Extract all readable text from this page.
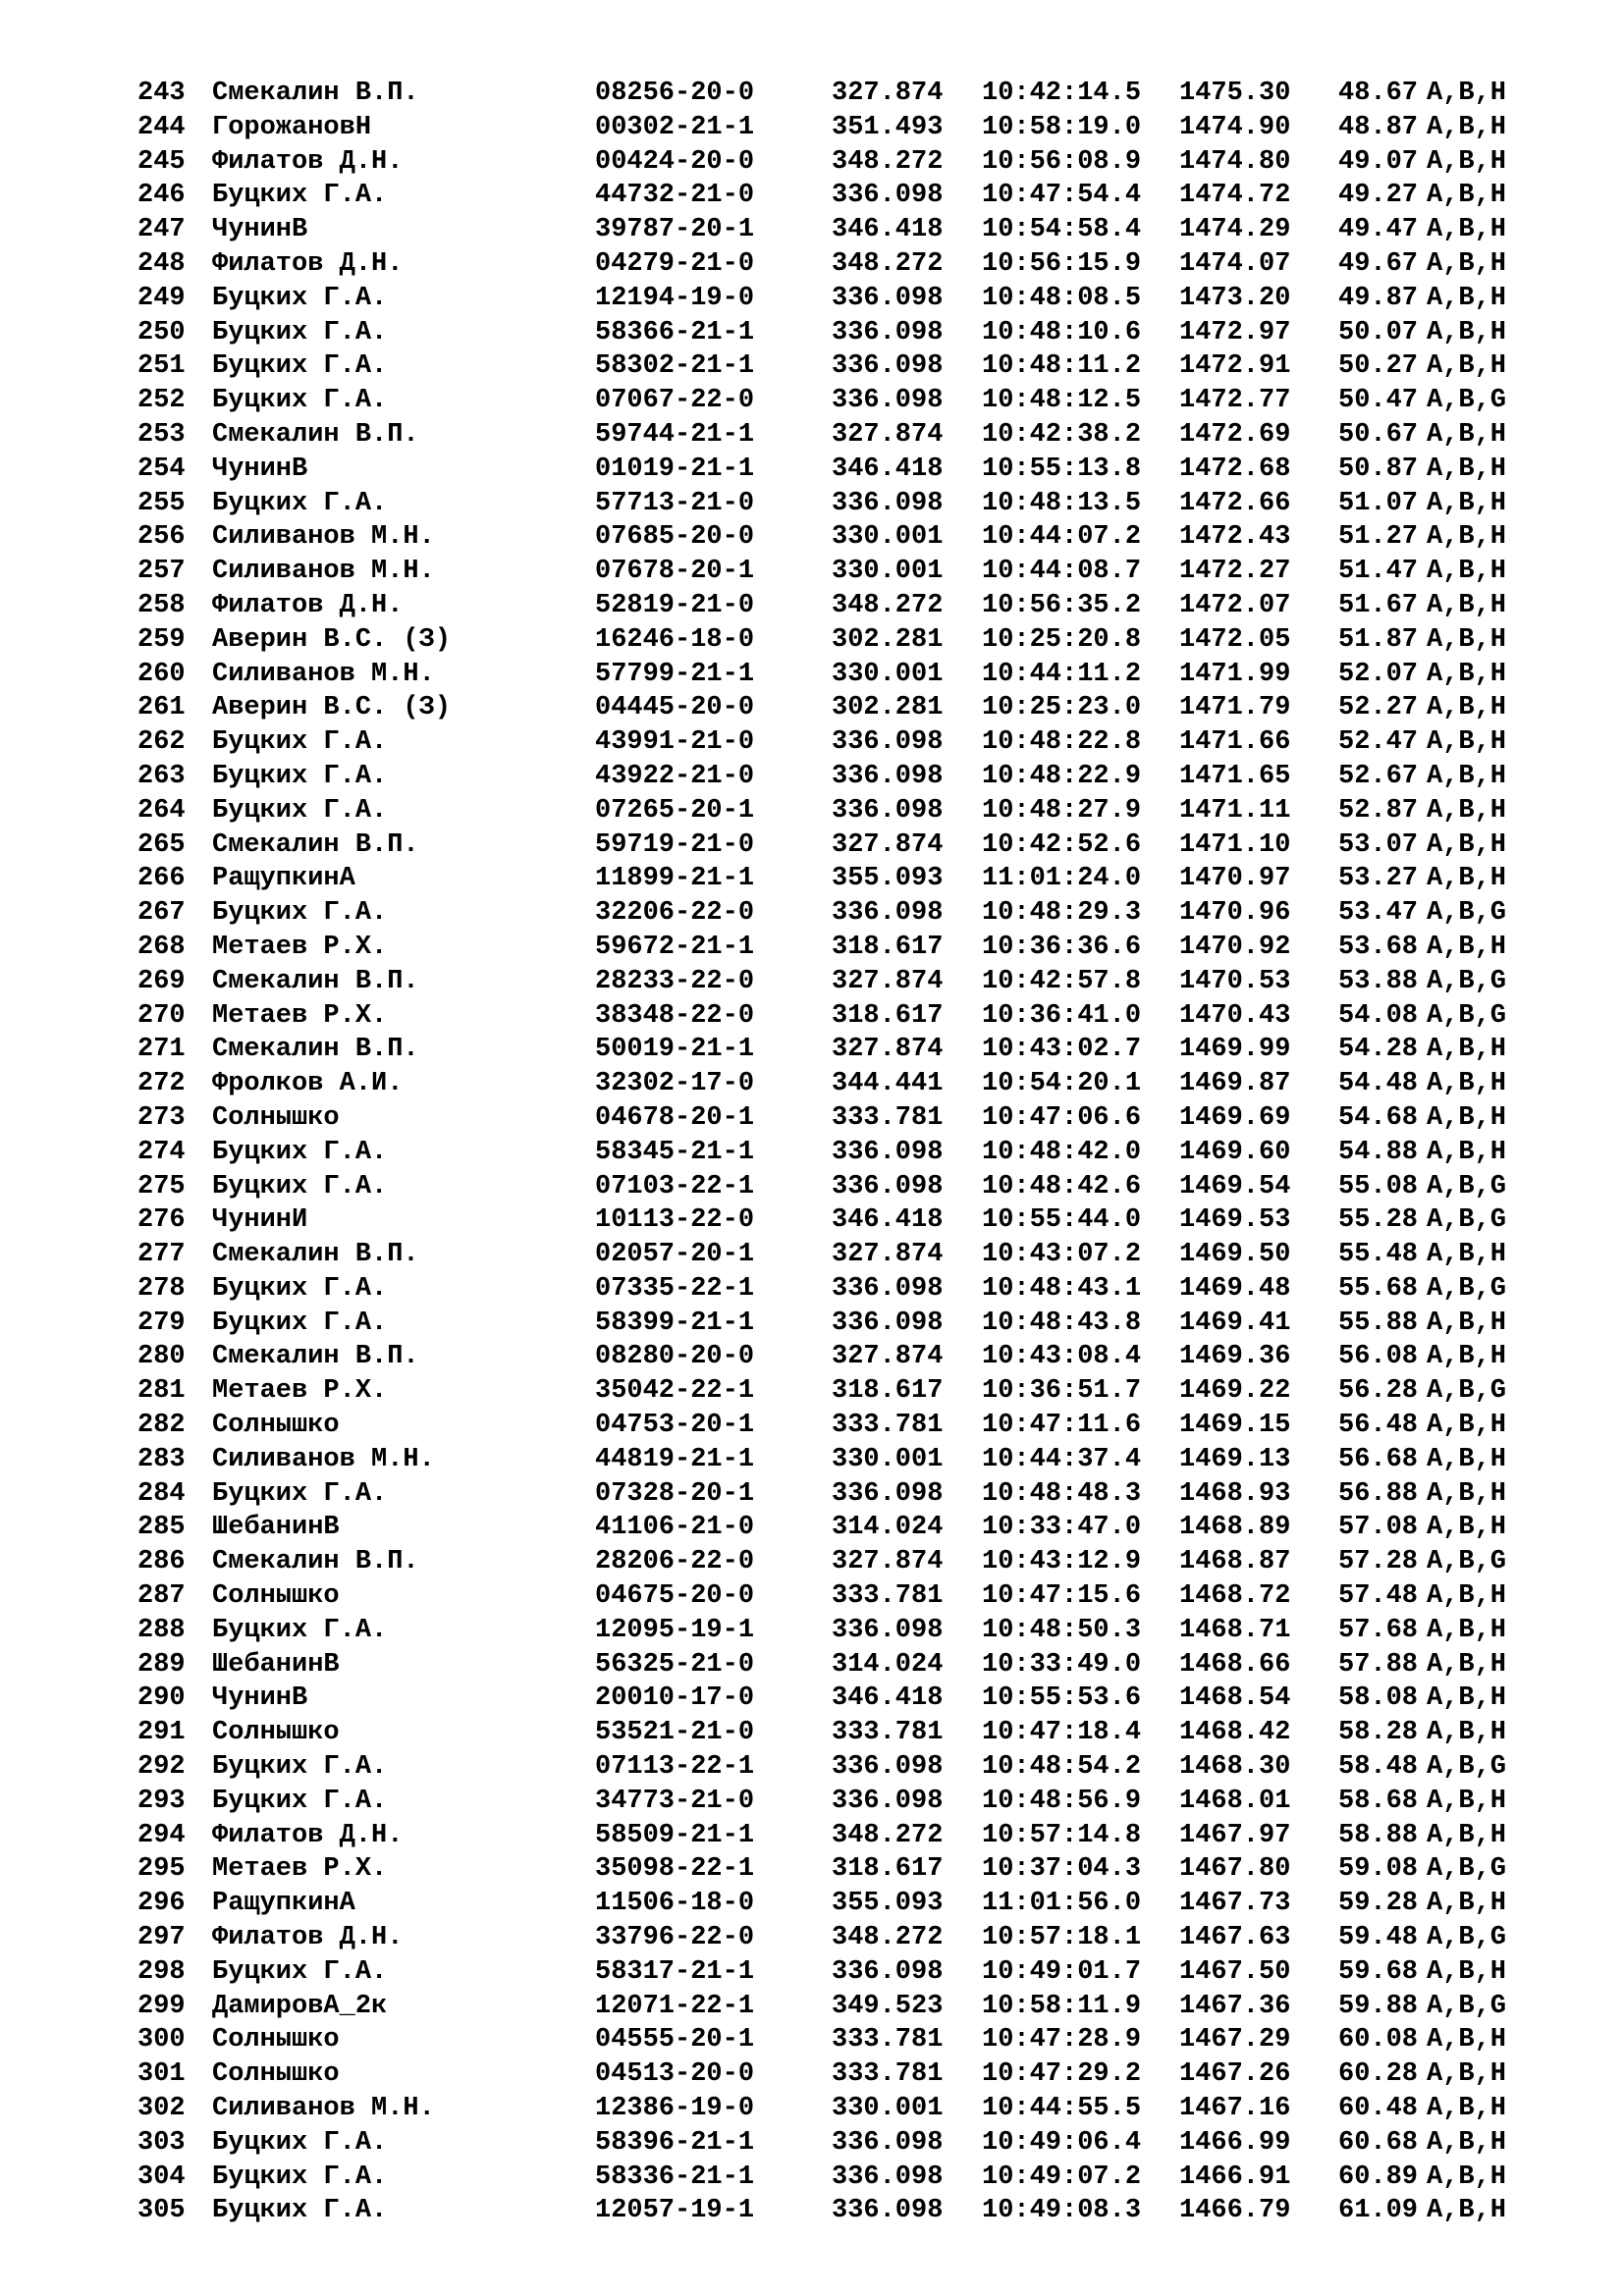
243 Смекалин В.П.	08256-20-0	327.874 10:42:14.5 1475.30 48.67 A,B,H
244 ГорожановН	00302-21-1	351.493 10:58:19.0 1474.90 48.87 A,B,H
245 Филатов Д.Н.	00424-20-0	348.272 10:56:08.9 1474.80 49.07 A,B,H
246 Буцких Г.А.	44732-21-0	336.098 10:47:54.4 1474.72 49.27 A,B,H
247 ЧунинВ	39787-20-1	346.418 10:54:58.4 1474.29 49.47 A,B,H
248 Филатов Д.Н.	04279-21-0	348.272 10:56:15.9 1474.07 49.67 A,B,H
249 Буцких Г.А.	12194-19-0	336.098 10:48:08.5 1473.20 49.87 A,B,H
250 Буцких Г.А.	58366-21-1	336.098 10:48:10.6 1472.97 50.07 A,B,H
251 Буцких Г.А.	58302-21-1	336.098 10:48:11.2 1472.91 50.27 A,B,H
252 Буцких Г.А.	07067-22-0	336.098 10:48:12.5 1472.77 50.47 A,B,G
253 Смекалин В.П.	59744-21-1	327.874 10:42:38.2 1472.69 50.67 A,B,H
254 ЧунинВ	01019-21-1	346.418 10:55:13.8 1472.68 50.87 A,B,H
255 Буцких Г.А.	57713-21-0	336.098 10:48:13.5 1472.66 51.07 A,B,H
256 Силиванов М.Н.	07685-20-0	330.001 10:44:07.2 1472.43 51.27 A,B,H
257 Силиванов М.Н.	07678-20-1	330.001 10:44:08.7 1472.27 51.47 A,B,H
258 Филатов Д.Н.	52819-21-0	348.272 10:56:35.2 1472.07 51.67 A,B,H
259 Аверин В.С. (З)	16246-18-0	302.281 10:25:20.8 1472.05 51.87 A,B,H
260 Силиванов М.Н.	57799-21-1	330.001 10:44:11.2 1471.99 52.07 A,B,H
261 Аверин В.С. (З)	04445-20-0	302.281 10:25:23.0 1471.79 52.27 A,B,H
262 Буцких Г.А.	43991-21-0	336.098 10:48:22.8 1471.66 52.47 A,B,H
263 Буцких Г.А.	43922-21-0	336.098 10:48:22.9 1471.65 52.67 A,B,H
264 Буцких Г.А.	07265-20-1	336.098 10:48:27.9 1471.11 52.87 A,B,H
265 Смекалин В.П.	59719-21-0	327.874 10:42:52.6 1471.10 53.07 A,B,H
266 РащупкинА	11899-21-1	355.093 11:01:24.0 1470.97 53.27 A,B,H
267 Буцких Г.А.	32206-22-0	336.098 10:48:29.3 1470.96 53.47 A,B,G
268 Метаев Р.Х.	59672-21-1	318.617 10:36:36.6 1470.92 53.68 A,B,H
269 Смекалин В.П.	28233-22-0	327.874 10:42:57.8 1470.53 53.88 A,B,G
270 Метаев Р.Х.	38348-22-0	318.617 10:36:41.0 1470.43 54.08 A,B,G
271 Смекалин В.П.	50019-21-1	327.874 10:43:02.7 1469.99 54.28 A,B,H
272 Фролков А.И.	32302-17-0	344.441 10:54:20.1 1469.87 54.48 A,B,H
273 Солнышко	04678-20-1	333.781 10:47:06.6 1469.69 54.68 A,B,H
274 Буцких Г.А.	58345-21-1	336.098 10:48:42.0 1469.60 54.88 A,B,H
275 Буцких Г.А.	07103-22-1	336.098 10:48:42.6 1469.54 55.08 A,B,G
276 ЧунинИ	10113-22-0	346.418 10:55:44.0 1469.53 55.28 A,B,G
277 Смекалин В.П.	02057-20-1	327.874 10:43:07.2 1469.50 55.48 A,B,H
278 Буцких Г.А.	07335-22-1	336.098 10:48:43.1 1469.48 55.68 A,B,G
279 Буцких Г.А.	58399-21-1	336.098 10:48:43.8 1469.41 55.88 A,B,H
280 Смекалин В.П.	08280-20-0	327.874 10:43:08.4 1469.36 56.08 A,B,H
281 Метаев Р.Х.	35042-22-1	318.617 10:36:51.7 1469.22 56.28 A,B,G
282 Солнышко	04753-20-1	333.781 10:47:11.6 1469.15 56.48 A,B,H
283 Силиванов М.Н.	44819-21-1	330.001 10:44:37.4 1469.13 56.68 A,B,H
284 Буцких Г.А.	07328-20-1	336.098 10:48:48.3 1468.93 56.88 A,B,H
285 ШебанинВ	41106-21-0	314.024 10:33:47.0 1468.89 57.08 A,B,H
286 Смекалин В.П.	28206-22-0	327.874 10:43:12.9 1468.87 57.28 A,B,G
287 Солнышко	04675-20-0	333.781 10:47:15.6 1468.72 57.48 A,B,H
288 Буцких Г.А.	12095-19-1	336.098 10:48:50.3 1468.71 57.68 A,B,H
289 ШебанинВ	56325-21-0	314.024 10:33:49.0 1468.66 57.88 A,B,H
290 ЧунинВ	20010-17-0	346.418 10:55:53.6 1468.54 58.08 A,B,H
291 Солнышко	53521-21-0	333.781 10:47:18.4 1468.42 58.28 A,B,H
292 Буцких Г.А.	07113-22-1	336.098 10:48:54.2 1468.30 58.48 A,B,G
293 Буцких Г.А.	34773-21-0	336.098 10:48:56.9 1468.01 58.68 A,B,H
294 Филатов Д.Н.	58509-21-1	348.272 10:57:14.8 1467.97 58.88 A,B,H
295 Метаев Р.Х.	35098-22-1	318.617 10:37:04.3 1467.80 59.08 A,B,G
296 РащупкинА	11506-18-0	355.093 11:01:56.0 1467.73 59.28 A,B,H
297 Филатов Д.Н.	33796-22-0	348.272 10:57:18.1 1467.63 59.48 A,B,G
298 Буцких Г.А.	58317-21-1	336.098 10:49:01.7 1467.50 59.68 A,B,H
299 ДамировА_2к	12071-22-1	349.523 10:58:11.9 1467.36 59.88 A,B,G
300 Солнышко	04555-20-1	333.781 10:47:28.9 1467.29 60.08 A,B,H
301 Солнышко	04513-20-0	333.781 10:47:29.2 1467.26 60.28 A,B,H
302 Силиванов М.Н.	12386-19-0	330.001 10:44:55.5 1467.16 60.48 A,B,H
303 Буцких Г.А.	58396-21-1	336.098 10:49:06.4 1466.99 60.68 A,B,H
304 Буцких Г.А.	58336-21-1	336.098 10:49:07.2 1466.91 60.89 A,B,H
305 Буцких Г.А.	12057-19-1	336.098 10:49:08.3 1466.79 61.09 A,B,H
